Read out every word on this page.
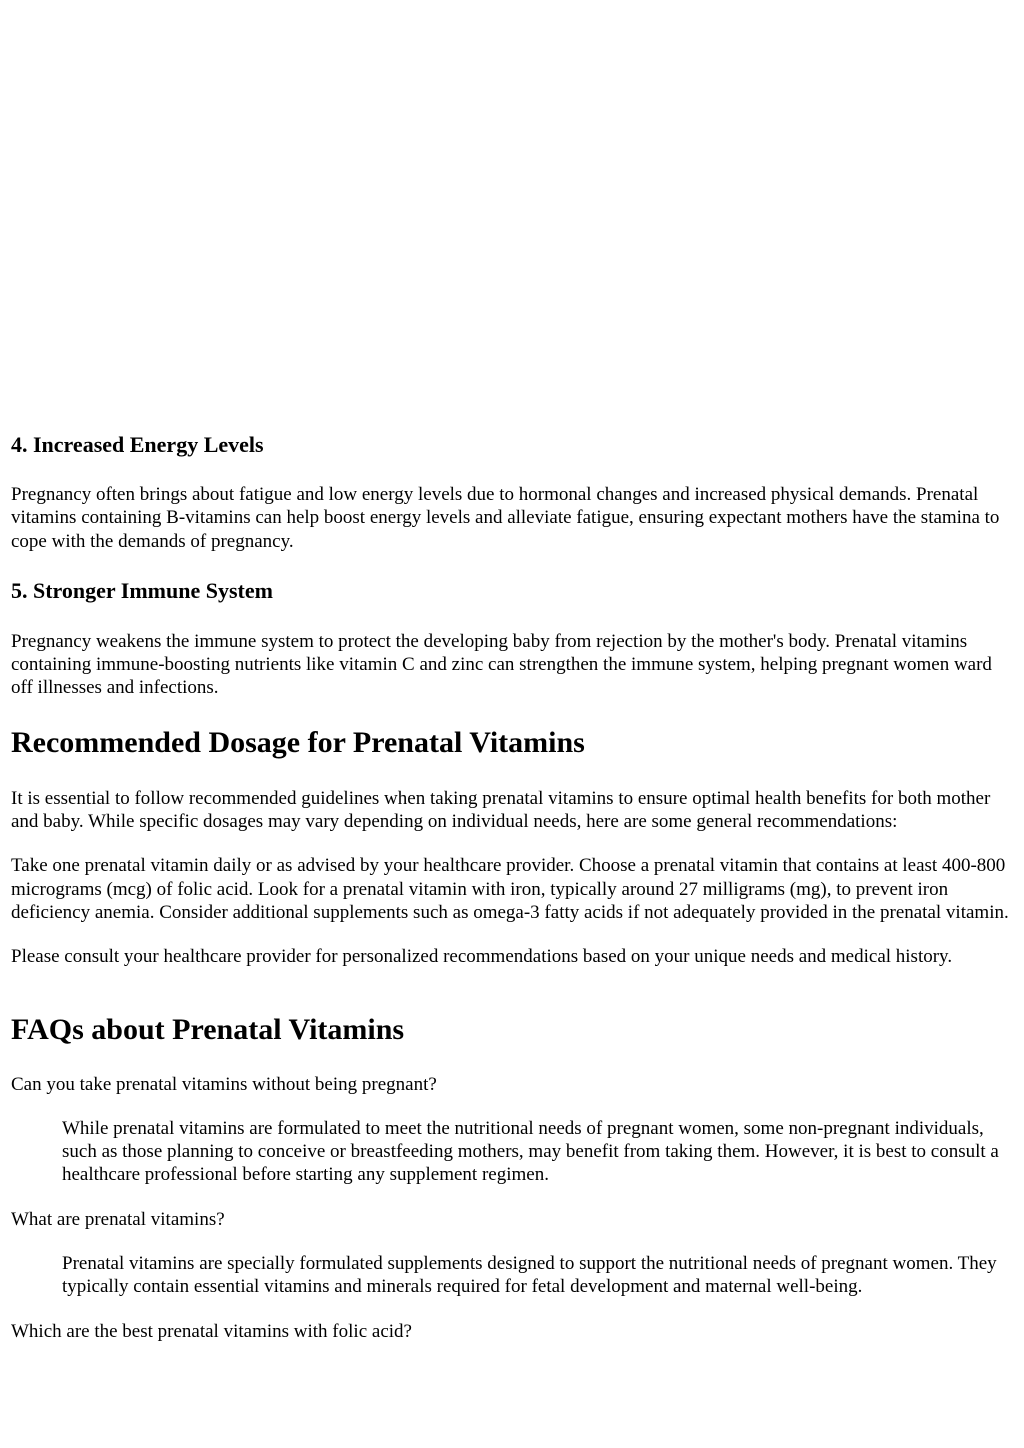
4. Increased Energy Levels

Pregnancy often brings about fatigue and low energy levels due to hormonal changes and increased physical demands. Prenatal vitamins containing B-vitamins can help boost energy levels and alleviate fatigue, ensuring expectant mothers have the stamina to cope with the demands of pregnancy.

5. Stronger Immune System

Pregnancy weakens the immune system to protect the developing baby from rejection by the mother's body. Prenatal vitamins containing immune-boosting nutrients like vitamin C and zinc can strengthen the immune system, helping pregnant women ward off illnesses and infections.

Recommended Dosage for Prenatal Vitamins

It is essential to follow recommended guidelines when taking prenatal vitamins to ensure optimal health benefits for both mother and baby. While specific dosages may vary depending on individual needs, here are some general recommendations:

Take one prenatal vitamin daily or as advised by your healthcare provider. Choose a prenatal vitamin that contains at least 400-800 micrograms (mcg) of folic acid. Look for a prenatal vitamin with iron, typically around 27 milligrams (mg), to prevent iron deficiency anemia. Consider additional supplements such as omega-3 fatty acids if not adequately provided in the prenatal vitamin.

Please consult your healthcare provider for personalized recommendations based on your unique needs and medical history.

FAQs about Prenatal Vitamins

Can you take prenatal vitamins without being pregnant?

While prenatal vitamins are formulated to meet the nutritional needs of pregnant women, some non-pregnant individuals, such as those planning to conceive or breastfeeding mothers, may benefit from taking them. However, it is best to consult a healthcare professional before starting any supplement regimen.

What are prenatal vitamins?

Prenatal vitamins are specially formulated supplements designed to support the nutritional needs of pregnant women. They typically contain essential vitamins and minerals required for fetal development and maternal well-being.

Which are the best prenatal vitamins with folic acid?
